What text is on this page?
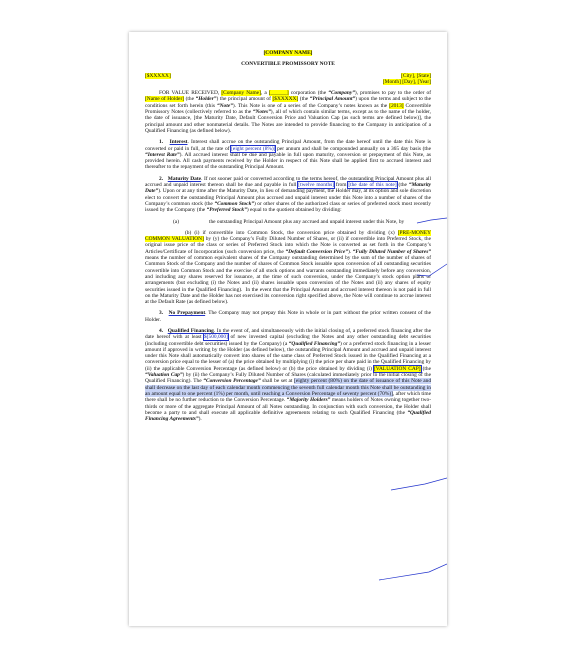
[COMPANY NAME]

CONVERTIBLE PROMISSORY NOTE

[$XXXXX]	[City], [State]

[Month] [Day], [Year]

FOR VALUE RECEIVED, [Company Name], a [______] corporation (the “Company”), promises to pay to the order of [Name of Holder] (the “Holder”) the principal amount of [$XXXXX] (the “Principal Amount”) upon the terms and subject to the conditions set forth herein (this “Note”). This Note is one of a series of the Company’s notes known as the [2013] Convertible Promissory Notes (collectively referred to as the “Notes”), all of which contain similar terms, except as to the name of the holder, the date of issuance, [the Maturity Date, Default Conversion Price and Valuation Cap (as such terms are defined below)], the principal amount and other nonmaterial details. The Notes are intended to provide financing to the Company in anticipation of a Qualified Financing (as defined below).

1. Interest. Interest shall accrue on the outstanding Principal Amount, from the date hereof until the date this Note is converted or paid in full, at the rate of [eight percent (8%)] per annum and shall be compounded annually on a 365 day basis (the “Interest Rate”). All accrued interest shall be due and payable in full upon maturity, conversion or prepayment of this Note, as provided herein. All cash payments received by the Holder in respect of this Note shall be applied first to accrued interest and thereafter to the repayment of the outstanding Principal Amount.

2. Maturity Date. If not sooner paid or converted according to the terms hereof, the outstanding Principal Amount plus all accrued and unpaid interest thereon shall be due and payable in full [twelve months] from [the date of this note] (the “Maturity Date”). Upon or at any time after the Maturity Date, in lieu of demanding payment, the Holder may, at its option and sole discretion elect to convert the outstanding Principal Amount plus accrued and unpaid interest under this Note into a number of shares of the Company’s common stock (the “Common Stock”) or other shares of the authorized class or series of preferred stock most recently issued by the Company (the “Preferred Stock”) equal to the quotient obtained by dividing:

(a)	the outstanding Principal Amount plus any accrued and unpaid interest under this Note, by

(b) (i) if convertible into Common Stock, the conversion price obtained by dividing (x) [PRE-MONEY COMMON VALUATION] by (y) the Company’s Fully Diluted Number of Shares, or (ii) if convertible into Preferred Stock, the original issue price of the class or series of Preferred Stock into which the Note is converted as set forth in the Company’s Articles/Certificate of Incorporation (such conversion price, the “Default Conversion Price”). “Fully Diluted Number of Shares” means the number of common equivalent shares of the Company outstanding determined by the sum of the number of shares of Common Stock of the Company and the number of shares of Common Stock issuable upon conversion of all outstanding securities convertible into Common Stock and the exercise of all stock options and warrants outstanding immediately before any conversion, and including any shares reserved for issuance, at the time of such conversion, under the Company’s stock option plans or arrangements (but excluding (i) the Notes and (ii) shares issuable upon conversion of the Notes and (ii) any shares of equity securities issued in the Qualified Financing). In the event that the Principal Amount and accrued interest thereon is not paid in full on the Maturity Date and the Holder has not exercised its conversion right specified above, the Note will continue to accrue interest at the Default Rate (as defined below).

3. No Prepayment. The Company may not prepay this Note in whole or in part without the prior written consent of the Holder.

4. Qualified Financing. In the event of, and simultaneously with the initial closing of, a preferred stock financing after the date hereof with at least $[500,000] of new invested capital (excluding the Notes and any other outstanding debt securities (including convertible debt securities) issued by the Company) (a “Qualified Financing”) or a preferred stock financing in a lesser amount if approved in writing by the Holder (as defined below), the outstanding Principal Amount and accrued and unpaid interest under this Note shall automatically convert into shares of the same class of Preferred Stock issued in the Qualified Financing at a conversion price equal to the lesser of (a) the price obtained by multiplying (i) the price per share paid in the Qualified Financing by (ii) the applicable Conversion Percentage (as defined below) or (b) the price obtained by dividing (i) [VALUATION CAP] (the “Valuation Cap”) by (ii) the Company’s Fully Diluted Number of Shares (calculated immediately prior to the initial closing of the Qualified Financing). The “Conversion Percentage” shall be set at [eighty percent (80%) on the date of issuance of this Note and shall decrease on the last day of each calendar month commencing the seventh full calendar month this Note shall be outstanding in an amount equal to one percent (1%) per month, until reaching a Conversion Percentage of seventy percent (70%)], after which time there shall be no further reduction to the Conversion Percentage. “Majority Holders” means holders of Notes owning together two-thirds or more of the aggregate Principal Amount of all Notes outstanding. In conjunction with such conversion, the Holder shall become a party to and shall execute all applicable definitive agreements relating to such Qualified Financing (the “Qualified Financing Agreements”).
